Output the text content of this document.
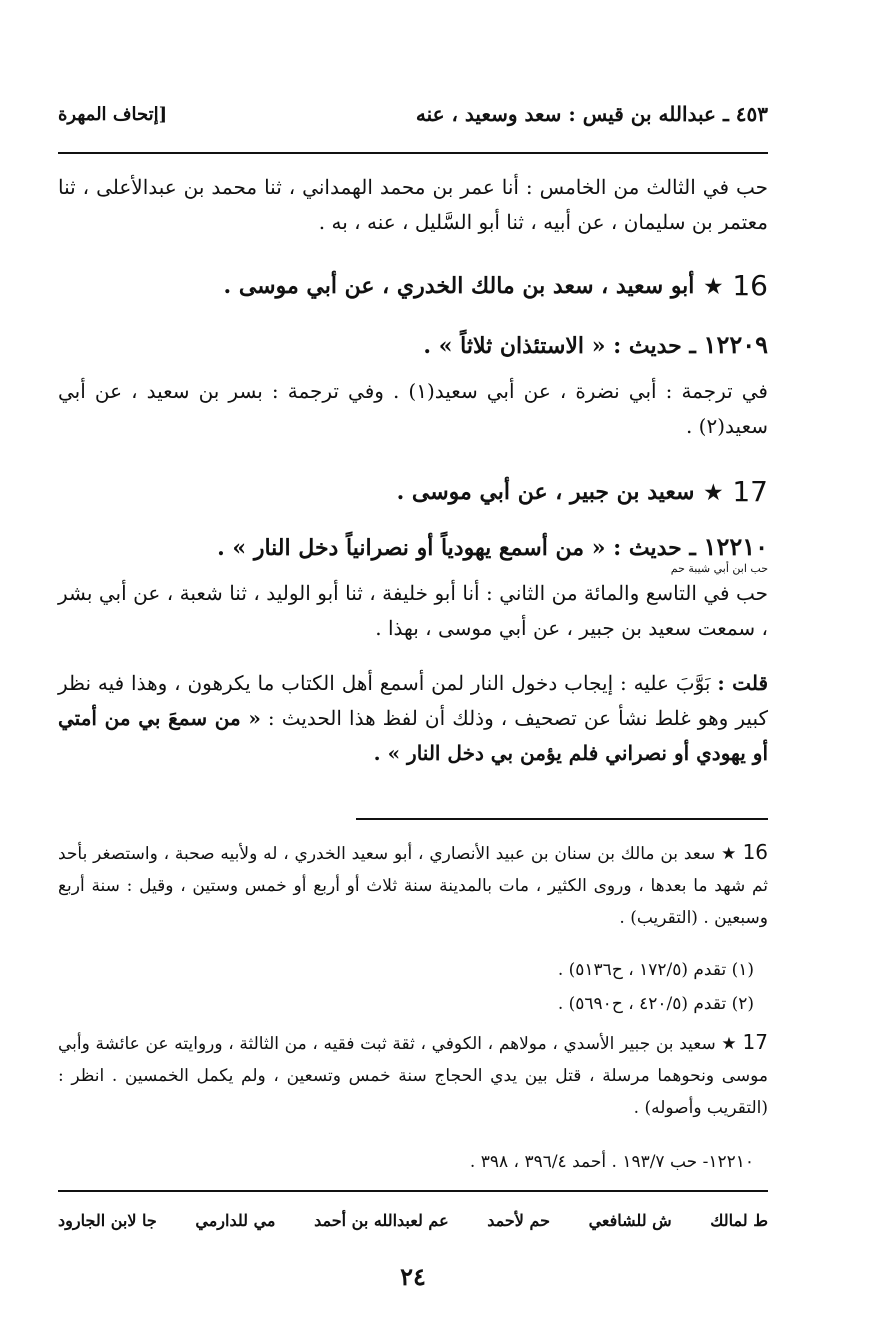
٤٥٣ ـ عبدالله بن قيس : سعد وسعيد ، عنه
[إتحاف المهرة
حب في الثالث من الخامس : أنا عمر بن محمد الهمداني ، ثنا محمد بن عبدالأعلى ، ثنا معتمر بن سليمان ، عن أبيه ، ثنا أبو السَّليل ، عنه ، به .
16
★
أبو سعيد ، سعد بن مالك الخدري ، عن أبي موسى .
١٢٢٠٩ ـ حديث : « الاستئذان ثلاثاً » .
في ترجمة : أبي نضرة ، عن أبي سعيد(١) . وفي ترجمة : بسر بن سعيد ، عن أبي سعيد(٢) .
17
★
سعيد بن جبير ، عن أبي موسى .
١٢٢١٠ ـ حديث : « من أسمع يهودياً أو نصرانياً دخل النار » .
حب ابن أبي شيبة حم
حب في التاسع والمائة من الثاني : أنا أبو خليفة ، ثنا أبو الوليد ، ثنا شعبة ، عن أبي بشر ، سمعت سعيد بن جبير ، عن أبي موسى ، بهذا .
قلت : بَوَّبَ عليه : إيجاب دخول النار لمن أسمع أهل الكتاب ما يكرهون ، وهذا فيه نظر كبير وهو غلط نشأ عن تصحيف ، وذلك أن لفظ هذا الحديث : « من سمعَ بي من أمتي أو يهودي أو نصراني فلم يؤمن بي دخل النار » .
16 ★ سعد بن مالك بن سنان بن عبيد الأنصاري ، أبو سعيد الخدري ، له ولأبيه صحبة ، واستصغر بأحد ثم شهد ما بعدها ، وروى الكثير ، مات بالمدينة سنة ثلاث أو أربع أو خمس وستين ، وقيل : سنة أربع وسبعين . (التقريب) .
(١) تقدم (١٧٢/٥ ، ح٥١٣٦) .
(٢) تقدم (٤٢٠/٥ ، ح٥٦٩٠) .
17 ★ سعيد بن جبير الأسدي ، مولاهم ، الكوفي ، ثقة ثبت فقيه ، من الثالثة ، وروايته عن عائشة وأبي موسى ونحوهما مرسلة ، قتل بين يدي الحجاج سنة خمس وتسعين ، ولم يكمل الخمسين . انظر : (التقريب وأصوله) .
١٢٢١٠- حب ١٩٣/٧ . أحمد ٣٩٦/٤ ، ٣٩٨ .
ط لمالك
ش للشافعي
حم لأحمد
عم لعبدالله بن أحمد
مي للدارمي
جا لابن الجارود
٢٤
